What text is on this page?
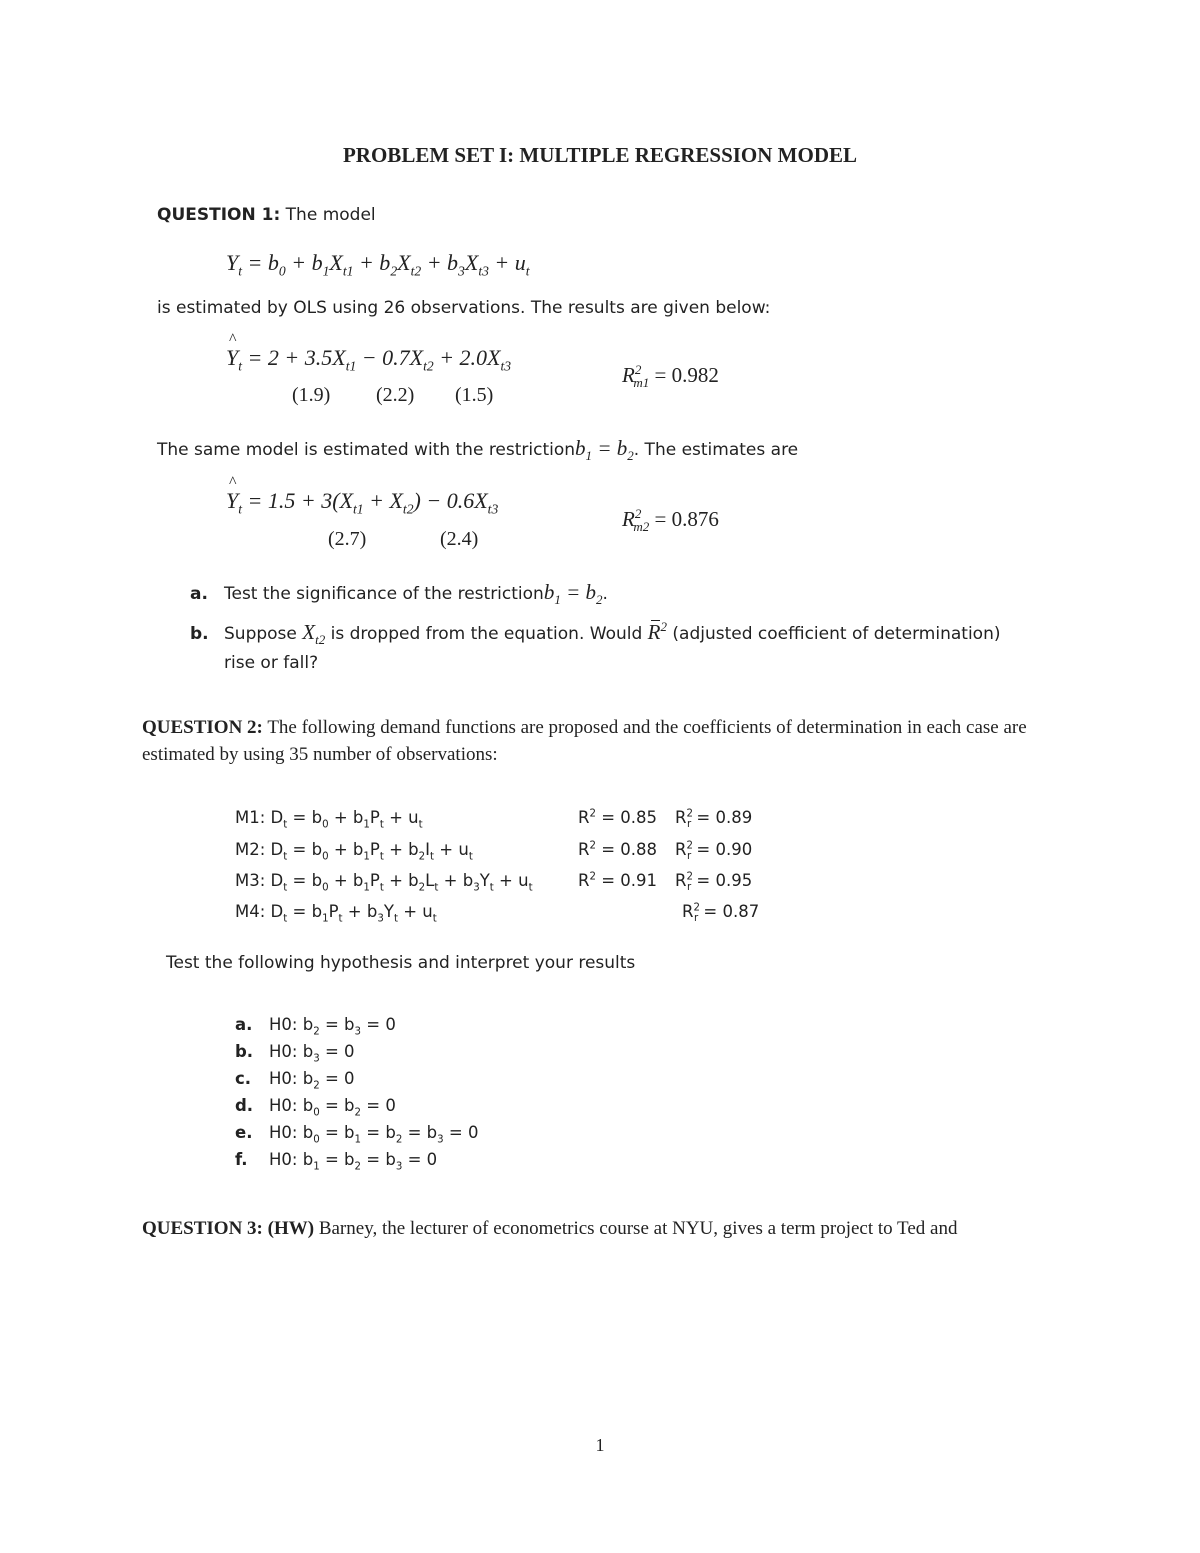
PROBLEM SET I: MULTIPLE REGRESSION MODEL
QUESTION 1: The model
$Y_t = b_0 + b_1X_{t1} + b_2X_{t2} + b_3X_{t3} + u_t$
is estimated by OLS using 26 observations. The results are given below:
^ $Y_t = 2 + 3.5X_{t1} - 0.7X_{t2} + 2.0X_{t3}$
(1.9) (2.2) (1.5)
$R^2_{m1} = 0.982$
The same model is estimated with the restrictionb$_1$ = $b_2$. The estimates are
^ $Y_t = 1.5 + 3(X_{t1} + X_{t2}) - 0.6X_{t3}$
(2.7)	(2.4)
$R^2_{m2} = 0.876$
a. Test the significance of the restrictionb$_1$ = $b_2$.
b. Suppose $X_{t2}$ is dropped from the equation. Would $R^2$ (adjusted coefficient of determination)
rise or fall?
QUESTION 2: The following demand functions are proposed and the coefficients of determination in each case are estimated by using 35 number of observations:
M1: $D_t = b_0 + b_1P_t + u_t$	$R^2 = 0.85$ $R^2_r = 0.89$
M2: $D_t = b_0 + b_1P_t + b_2I_t + u_t$	$R^2 = 0.88$ $R^2_r = 0.90$
M3: $D_t = b_0 + b_1P_t + b_2L_t + b_3Y_t + u_t$	$R^2 = 0.91$ $R^2_r = 0.95$
M4: $D_t = b_1P_t + b_3Y_t + u_t$	$R^2_r = 0.87$
Test the following hypothesis and interpret your results
a. H0: $b_2 = b_3 = 0$
b. H0: $b_3 = 0$
c. H0: $b_2 = 0$
d. H0: $b_0 = b_2 = 0$
e. H0: $b_0 = b_1 = b_2 = b_3 = 0$
f. H0: $b_1 = b_2 = b_3 = 0$
QUESTION 3: (HW) Barney, the lecturer of econometrics course at NYU, gives a term project to Ted and
1
